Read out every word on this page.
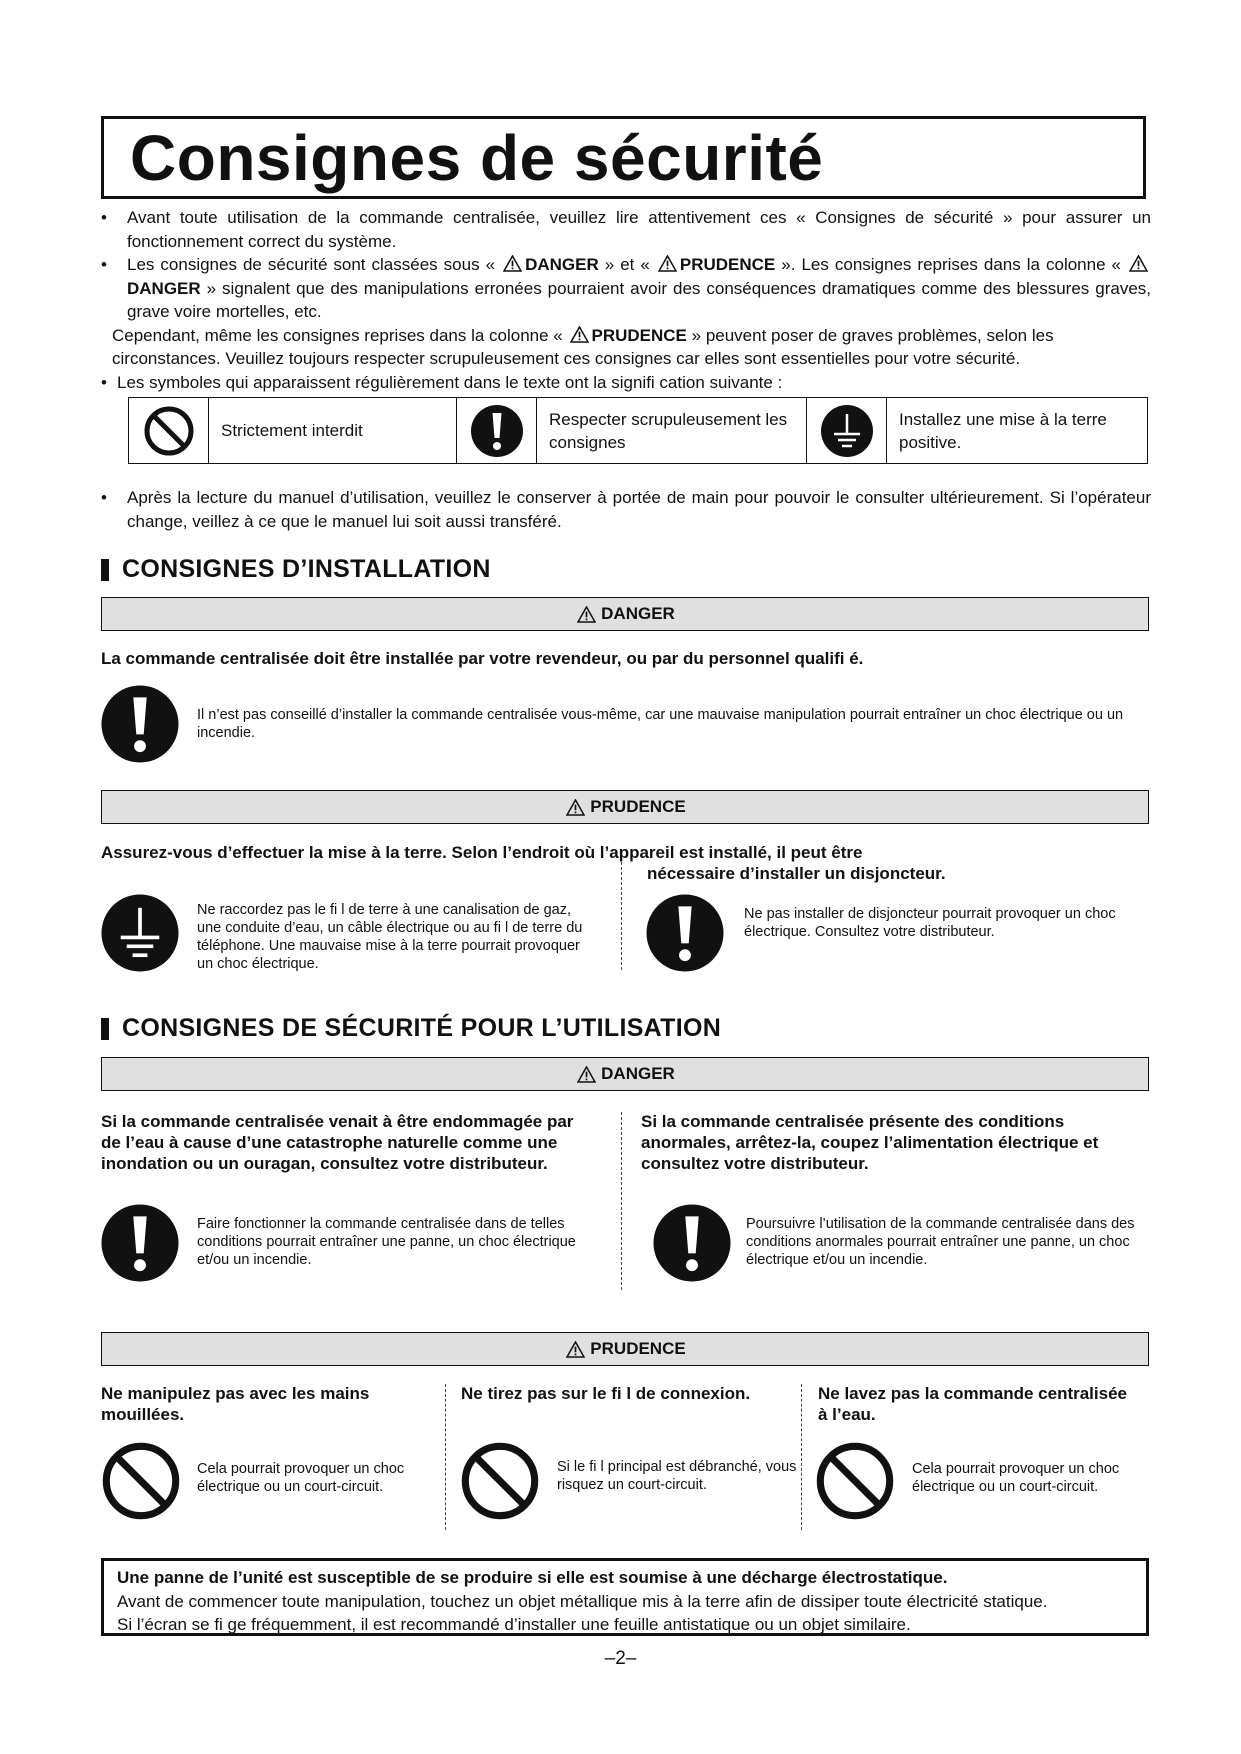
Consignes de sécurité
• Avant toute utilisation de la commande centralisée, veuillez lire attentivement ces « Consignes de sécurité » pour assurer un fonctionnement correct du système.
• Les consignes de sécurité sont classées sous « DANGER » et « PRUDENCE ». Les consignes reprises dans la colonne «
DANGER » signalent que des manipulations erronées pourraient avoir des conséquences dramatiques comme des blessures graves, grave voire mortelles, etc.
Cependant, même les consignes reprises dans la colonne « PRUDENCE » peuvent poser de graves problèmes, selon les circonstances. Veuillez toujours respecter scrupuleusement ces consignes car elles sont essentielles pour votre sécurité.
• Les symboles qui apparaissent régulièrement dans le texte ont la signifi cation suivante :
Strictement interdit
Respecter scrupuleusement les consignes
Installez une mise à la terre positive.
• Après la lecture du manuel d’utilisation, veuillez le conserver à portée de main pour pouvoir le consulter ultérieurement. Si l’opérateur change, veillez à ce que le manuel lui soit aussi transféré.
CONSIGNES D’INSTALLATION
DANGER
La commande centralisée doit être installée par votre revendeur, ou par du personnel qualifi é.
Il n’est pas conseillé d’installer la commande centralisée vous-même, car une mauvaise manipulation pourrait entraîner un choc électrique ou un incendie.
PRUDENCE
Assurez-vous d’effectuer la mise à la terre. Selon l’endroit où l’appareil est installé, il peut être
nécessaire d’installer un disjoncteur.
Ne raccordez pas le fi l de terre à une canalisation de gaz, une conduite d’eau, un câble électrique ou au fi l de terre du téléphone. Une mauvaise mise à la terre pourrait provoquer un choc électrique.
Ne pas installer de disjoncteur pourrait provoquer un choc électrique. Consultez votre distributeur.
CONSIGNES DE SÉCURITÉ POUR L’UTILISATION
DANGER
Si la commande centralisée venait à être endommagée par de l’eau à cause d’une catastrophe naturelle comme une inondation ou un ouragan, consultez votre distributeur.
Si la commande centralisée présente des conditions anormales, arrêtez-la, coupez l’alimentation électrique et consultez votre distributeur.
Faire fonctionner la commande centralisée dans de telles conditions pourrait entraîner une panne, un choc électrique et/ou un incendie.
Poursuivre l’utilisation de la commande centralisée dans des conditions anormales pourrait entraîner une panne, un choc électrique et/ou un incendie.
PRUDENCE
Ne manipulez pas avec les mains mouillées.
Ne tirez pas sur le fi l de connexion.	Ne lavez pas la commande centralisée à l’eau.
Cela pourrait provoquer un choc électrique ou un court-circuit.
Si le fi l principal est débranché, vous risquez un court-circuit.
Cela pourrait provoquer un choc électrique ou un court-circuit.
Une panne de l’unité est susceptible de se produire si elle est soumise à une décharge électrostatique.
Avant de commencer toute manipulation, touchez un objet métallique mis à la terre afin de dissiper toute électricité statique.
Si l’écran se fi ge fréquemment, il est recommandé d’installer une feuille antistatique ou un objet similaire.
–2–
